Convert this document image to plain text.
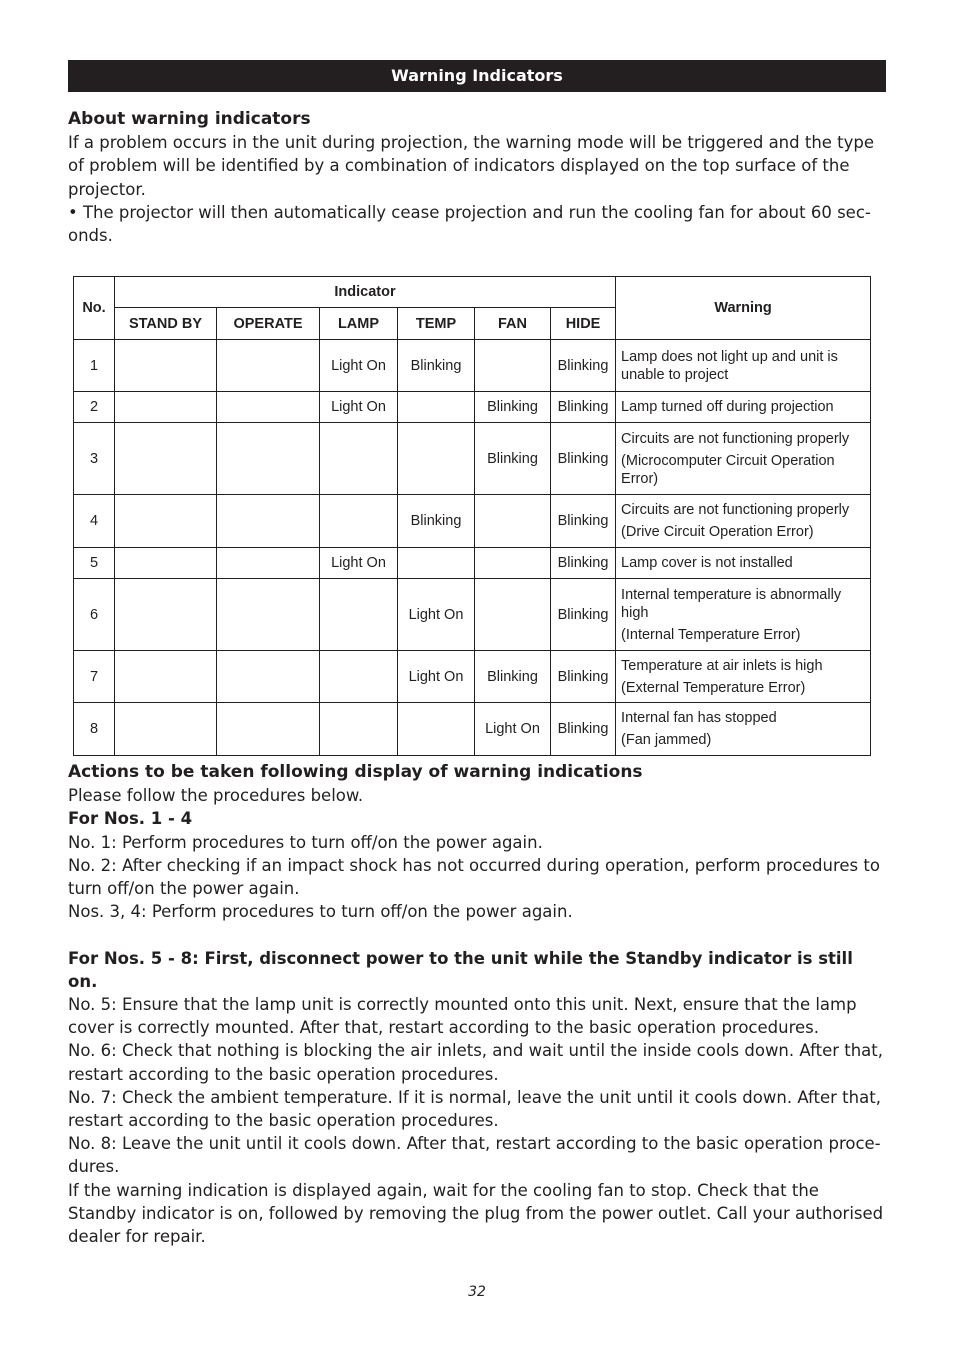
Warning Indicators

About warning indicators

If a problem occurs in the unit during projection, the warning mode will be triggered and the type of problem will be identified by a combination of indicators displayed on the top surface of the projector.

• The projector will then automatically cease projection and run the cooling fan for about 60 sec-onds.

No.	Indicator						Warning
	STAND BY	OPERATE	LAMP	TEMP	FAN	HIDE	
1			Light On	Blinking		Blinking	Lamp does not light up and unit is unable to project

2			Light On		Blinking	Blinking	Lamp turned off during projection

3					Blinking	Blinking	Circuits are not functioning properly
(Microcomputer Circuit Operation Error)

4				Blinking		Blinking	Circuits are not functioning properly
(Drive Circuit Operation Error)

5			Light On			Blinking	Lamp cover is not installed

6				Light On		Blinking	Internal temperature is abnormally high
(Internal Temperature Error)

7				Light On	Blinking	Blinking	Temperature at air inlets is high
(External Temperature Error)

8					Light On	Blinking	Internal fan has stopped
(Fan jammed)

Actions to be taken following display of warning indications

Please follow the procedures below.

For Nos. 1 - 4

No. 1: Perform procedures to turn off/on the power again.

No. 2: After checking if an impact shock has not occurred during operation, perform procedures to turn off/on the power again.

Nos. 3, 4: Perform procedures to turn off/on the power again.

For Nos. 5 - 8: First, disconnect power to the unit while the Standby indicator is still on.

No. 5: Ensure that the lamp unit is correctly mounted onto this unit. Next, ensure that the lamp cover is correctly mounted. After that, restart according to the basic operation procedures.

No. 6: Check that nothing is blocking the air inlets, and wait until the inside cools down. After that, restart according to the basic operation procedures.

No. 7: Check the ambient temperature. If it is normal, leave the unit until it cools down. After that, restart according to the basic operation procedures.

No. 8: Leave the unit until it cools down. After that, restart according to the basic operation proce-dures.

If the warning indication is displayed again, wait for the cooling fan to stop. Check that the Standby indicator is on, followed by removing the plug from the power outlet. Call your authorised dealer for repair.

32
